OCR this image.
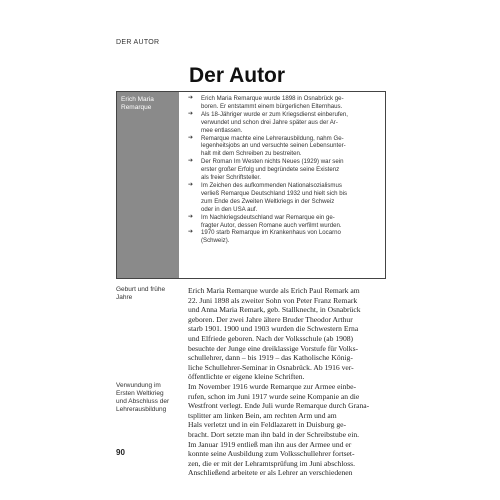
DER AUTOR
Der Autor
Erich Maria
Remarque
➔ Erich Maria Remarque wurde 1898 in Osnabrück ge-
boren. Er entstammt einem bürgerlichen Elternhaus.
➔ Als 18-Jähriger wurde er zum Kriegsdienst einberufen,
verwundet und schon drei Jahre später aus der Ar-
mee entlassen.
➔ Remarque machte eine Lehrerausbildung, nahm Ge-
legenheitsjobs an und versuchte seinen Lebensunter-
halt mit dem Schreiben zu bestreiten.
➔ Der Roman Im Westen nichts Neues (1929) war sein
erster großer Erfolg und begründete seine Existenz
als freier Schriftsteller.
➔ Im Zeichen des aufkommenden Nationalsozialismus
verließ Remarque Deutschland 1932 und hielt sich bis
zum Ende des Zweiten Weltkriegs in der Schweiz
oder in den USA auf.
➔ Im Nachkriegsdeutschland war Remarque ein ge-
fragter Autor, dessen Romane auch verfilmt wurden.
➔ 1970 starb Remarque im Krankenhaus von Locarno
(Schweiz).
Geburt und frühe
Jahre
Erich Maria Remarque wurde als Erich Paul Remark am
22. Juni 1898 als zweiter Sohn von Peter Franz Remark
und Anna Maria Remark, geb. Stallknecht, in Osnabrück
geboren. Der zwei Jahre ältere Bruder Theodor Arthur
starb 1901. 1900 und 1903 wurden die Schwestern Erna
und Elfriede geboren. Nach der Volksschule (ab 1908)
besuchte der Junge eine dreiklassige Vorstufe für Volks-
schullehrer, dann – bis 1919 – das Katholische König-
liche Schullehrer-Seminar in Osnabrück. Ab 1916 ver-
öffentlichte er eigene kleine Schriften.
Verwundung im
Ersten Weltkrieg
und Abschluss der
Lehrerausbildung
Im November 1916 wurde Remarque zur Armee einbe-
rufen, schon im Juni 1917 wurde seine Kompanie an die
Westfront verlegt. Ende Juli wurde Remarque durch Grana-
tsplitter am linken Bein, am rechten Arm und am
Hals verletzt und in ein Feldlazarett in Duisburg ge-
bracht. Dort setzte man ihn bald in der Schreibstube ein.
Im Januar 1919 entließ man ihn aus der Armee und er
konnte seine Ausbildung zum Volksschullehrer fortset-
zen, die er mit der Lehramtsprüfung im Juni abschloss.
Anschließend arbeitete er als Lehrer an verschiedenen
90
